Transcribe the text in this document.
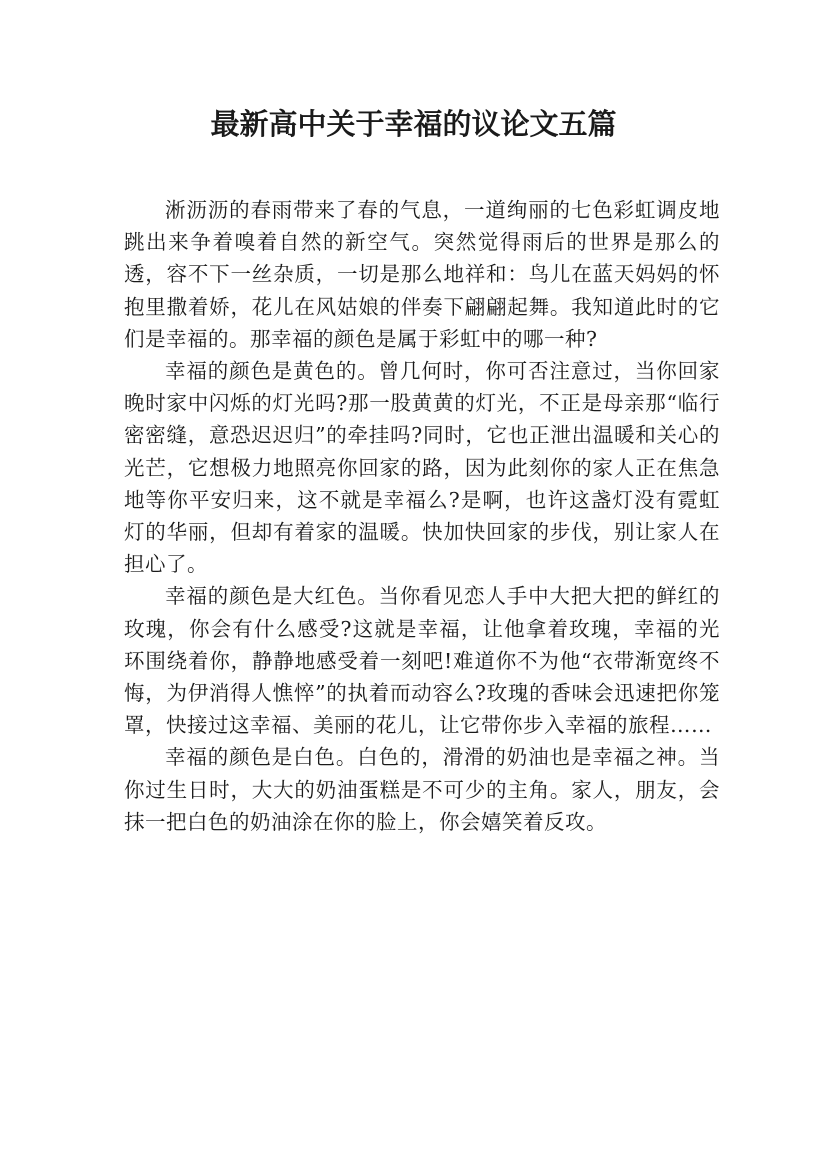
最新高中关于幸福的议论文五篇

淅沥沥的春雨带来了春的气息，一道绚丽的七色彩虹调皮地跳出来争着嗅着自然的新空气。突然觉得雨后的世界是那么的透，容不下一丝杂质，一切是那么地祥和：鸟儿在蓝天妈妈的怀抱里撒着娇，花儿在风姑娘的伴奏下翩翩起舞。我知道此时的它们是幸福的。那幸福的颜色是属于彩虹中的哪一种?

幸福的颜色是黄色的。曾几何时，你可否注意过，当你回家晚时家中闪烁的灯光吗?那一股黄黄的灯光，不正是母亲那“临行密密缝，意恐迟迟归”的牵挂吗?同时，它也正泄出温暖和关心的光芒，它想极力地照亮你回家的路，因为此刻你的家人正在焦急地等你平安归来，这不就是幸福么?是啊，也许这盏灯没有霓虹灯的华丽，但却有着家的温暖。快加快回家的步伐，别让家人在担心了。

幸福的颜色是大红色。当你看见恋人手中大把大把的鲜红的玫瑰，你会有什么感受?这就是幸福，让他拿着玫瑰，幸福的光环围绕着你，静静地感受着一刻吧!难道你不为他“衣带渐宽终不悔，为伊消得人憔悴”的执着而动容么?玫瑰的香味会迅速把你笼罩，快接过这幸福、美丽的花儿，让它带你步入幸福的旅程……

幸福的颜色是白色。白色的，滑滑的奶油也是幸福之神。当你过生日时，大大的奶油蛋糕是不可少的主角。家人，朋友，会抹一把白色的奶油涂在你的脸上，你会嬉笑着反攻。
